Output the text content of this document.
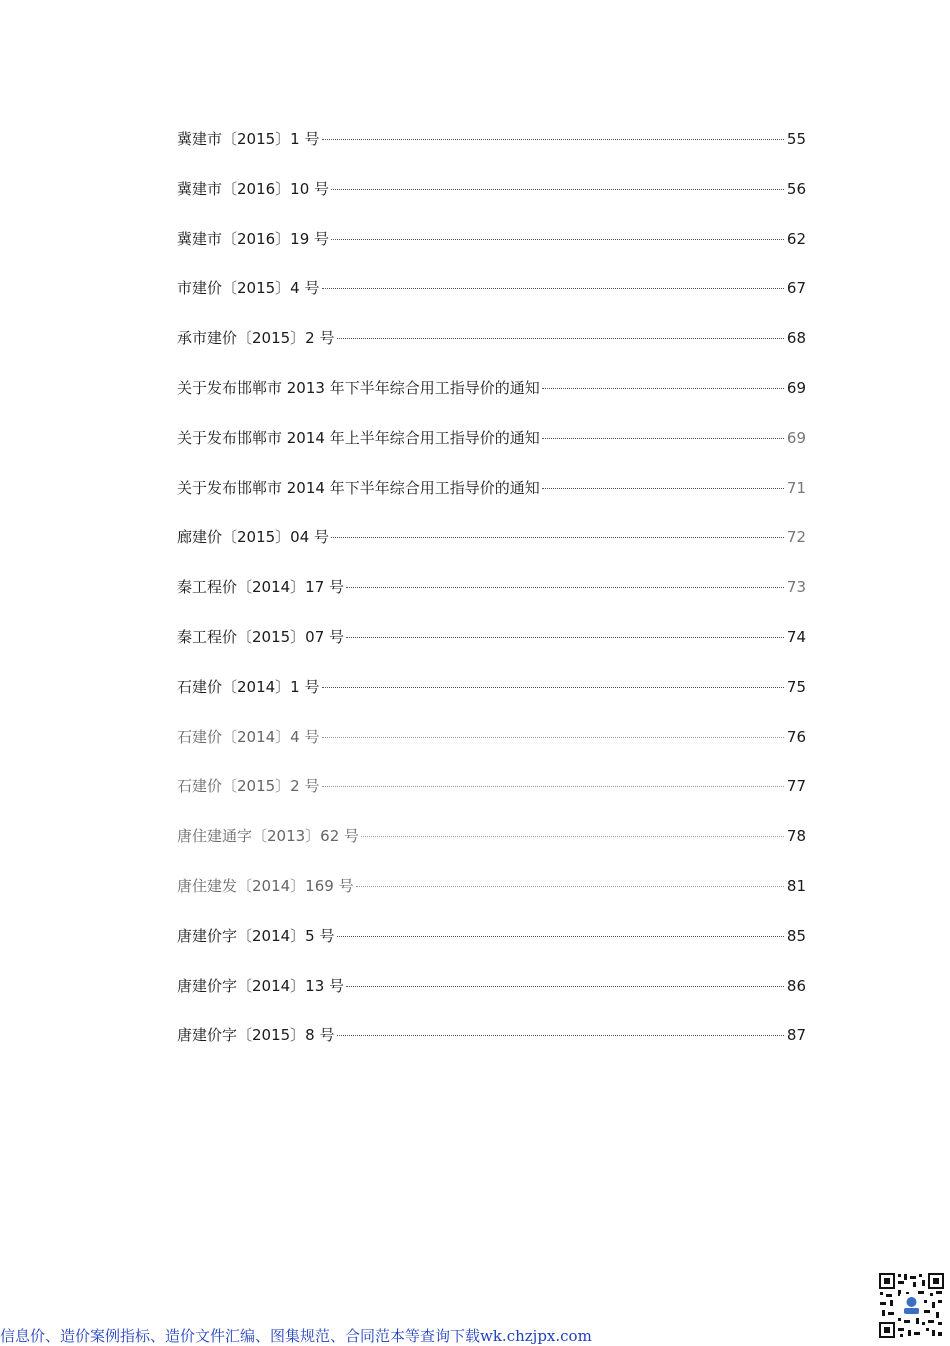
冀建市〔2015〕1 号	55
冀建市〔2016〕10 号	56
冀建市〔2016〕19 号	62
市建价〔2015〕4 号	67
承市建价〔2015〕2 号	68
关于发布邯郸市 2013 年下半年综合用工指导价的通知	69
关于发布邯郸市 2014 年上半年综合用工指导价的通知	69
关于发布邯郸市 2014 年下半年综合用工指导价的通知	71
廊建价〔2015〕04 号	72
秦工程价〔2014〕17 号	73
秦工程价〔2015〕07 号	74
石建价〔2014〕1 号	75
石建价〔2014〕4 号	76
石建价〔2015〕2 号	77
唐住建通字〔2013〕62 号	78
唐住建发〔2014〕169 号	81
唐建价字〔2014〕5 号	85
唐建价字〔2014〕13 号	86
唐建价字〔2015〕8 号	87
信息价、造价案例指标、造价文件汇编、图集规范、合同范本等查询下载wk.chzjpx.com
